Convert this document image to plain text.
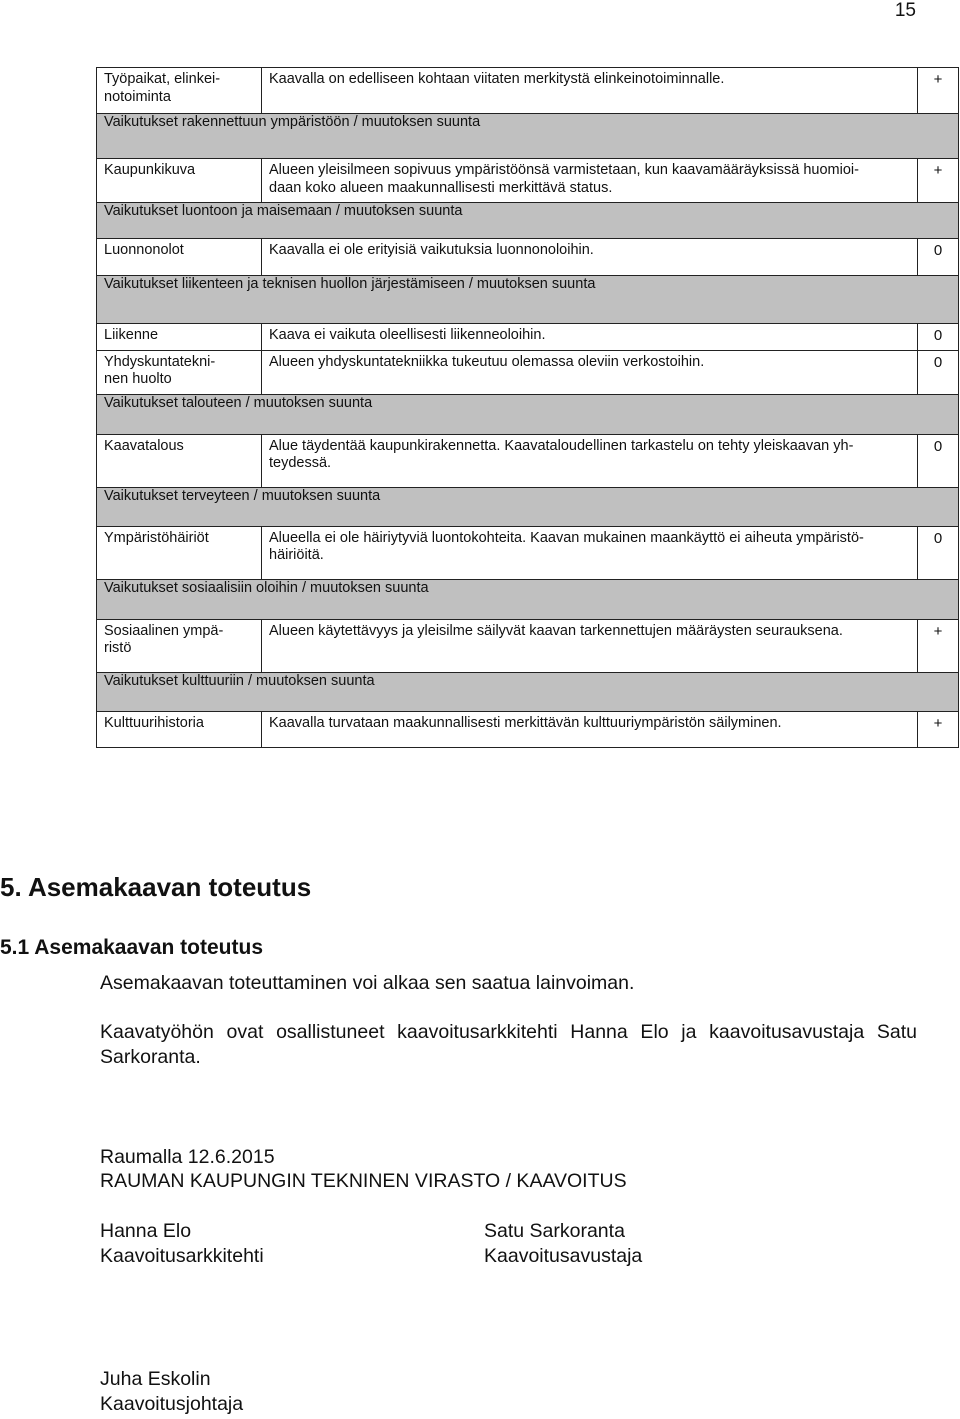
15
Työpaikat, elinkei-
notoiminta	Kaavalla on edelliseen kohtaan viitaten merkitystä elinkeinotoiminnalle.	+

Vaikutukset rakennettuun ympäristöön / muutoksen suunta		

Kaupunkikuva	Alueen yleisilmeen sopivuus ympäristöönsä varmistetaan, kun kaavamääräyksissä huomioi-
daan koko alueen maakunnallisesti merkittävä status.	+

Vaikutukset luontoon ja maisemaan / muutoksen suunta		

Luonnonolot	Kaavalla ei ole erityisiä vaikutuksia luonnonoloihin.	0

Vaikutukset liikenteen ja teknisen huollon järjestämiseen / muutoksen suunta		

Liikenne	Kaava ei vaikuta oleellisesti liikenneoloihin.	0
Yhdyskuntatekni-
nen huolto	Alueen yhdyskuntatekniikka tukeutuu olemassa oleviin verkostoihin.	0

Vaikutukset talouteen / muutoksen suunta		

Kaavatalous	Alue täydentää kaupunkirakennetta. Kaavataloudellinen tarkastelu on tehty yleiskaavan yh-
teydessä.	0

Vaikutukset terveyteen / muutoksen suunta		

Ympäristöhäiriöt	Alueella ei ole häiriytyviä luontokohteita. Kaavan mukainen maankäyttö ei aiheuta ympäristö-
häiriöitä.	0

Vaikutukset sosiaalisiin oloihin / muutoksen suunta		

Sosiaalinen ympä-
ristö	Alueen käytettävyys ja yleisilme säilyvät kaavan tarkennettujen määräysten seurauksena.	+

Vaikutukset kulttuuriin / muutoksen suunta		

Kulttuurihistoria	Kaavalla turvataan maakunnallisesti merkittävän kulttuuriympäristön säilyminen.	+
5. Asemakaavan toteutus
5.1 Asemakaavan toteutus

Asemakaavan toteuttaminen voi alkaa sen saatua lainvoiman.

Kaavatyöhön ovat osallistuneet kaavoitusarkkitehti Hanna Elo ja kaavoitusavustaja Satu Sarkoranta.

Raumalla 12.6.2015

RAUMAN KAUPUNGIN TEKNINEN VIRASTO / KAAVOITUS

Hanna Elo

Kaavoitusarkkitehti

Satu Sarkoranta

Kaavoitusavustaja

Juha Eskolin

Kaavoitusjohtaja
